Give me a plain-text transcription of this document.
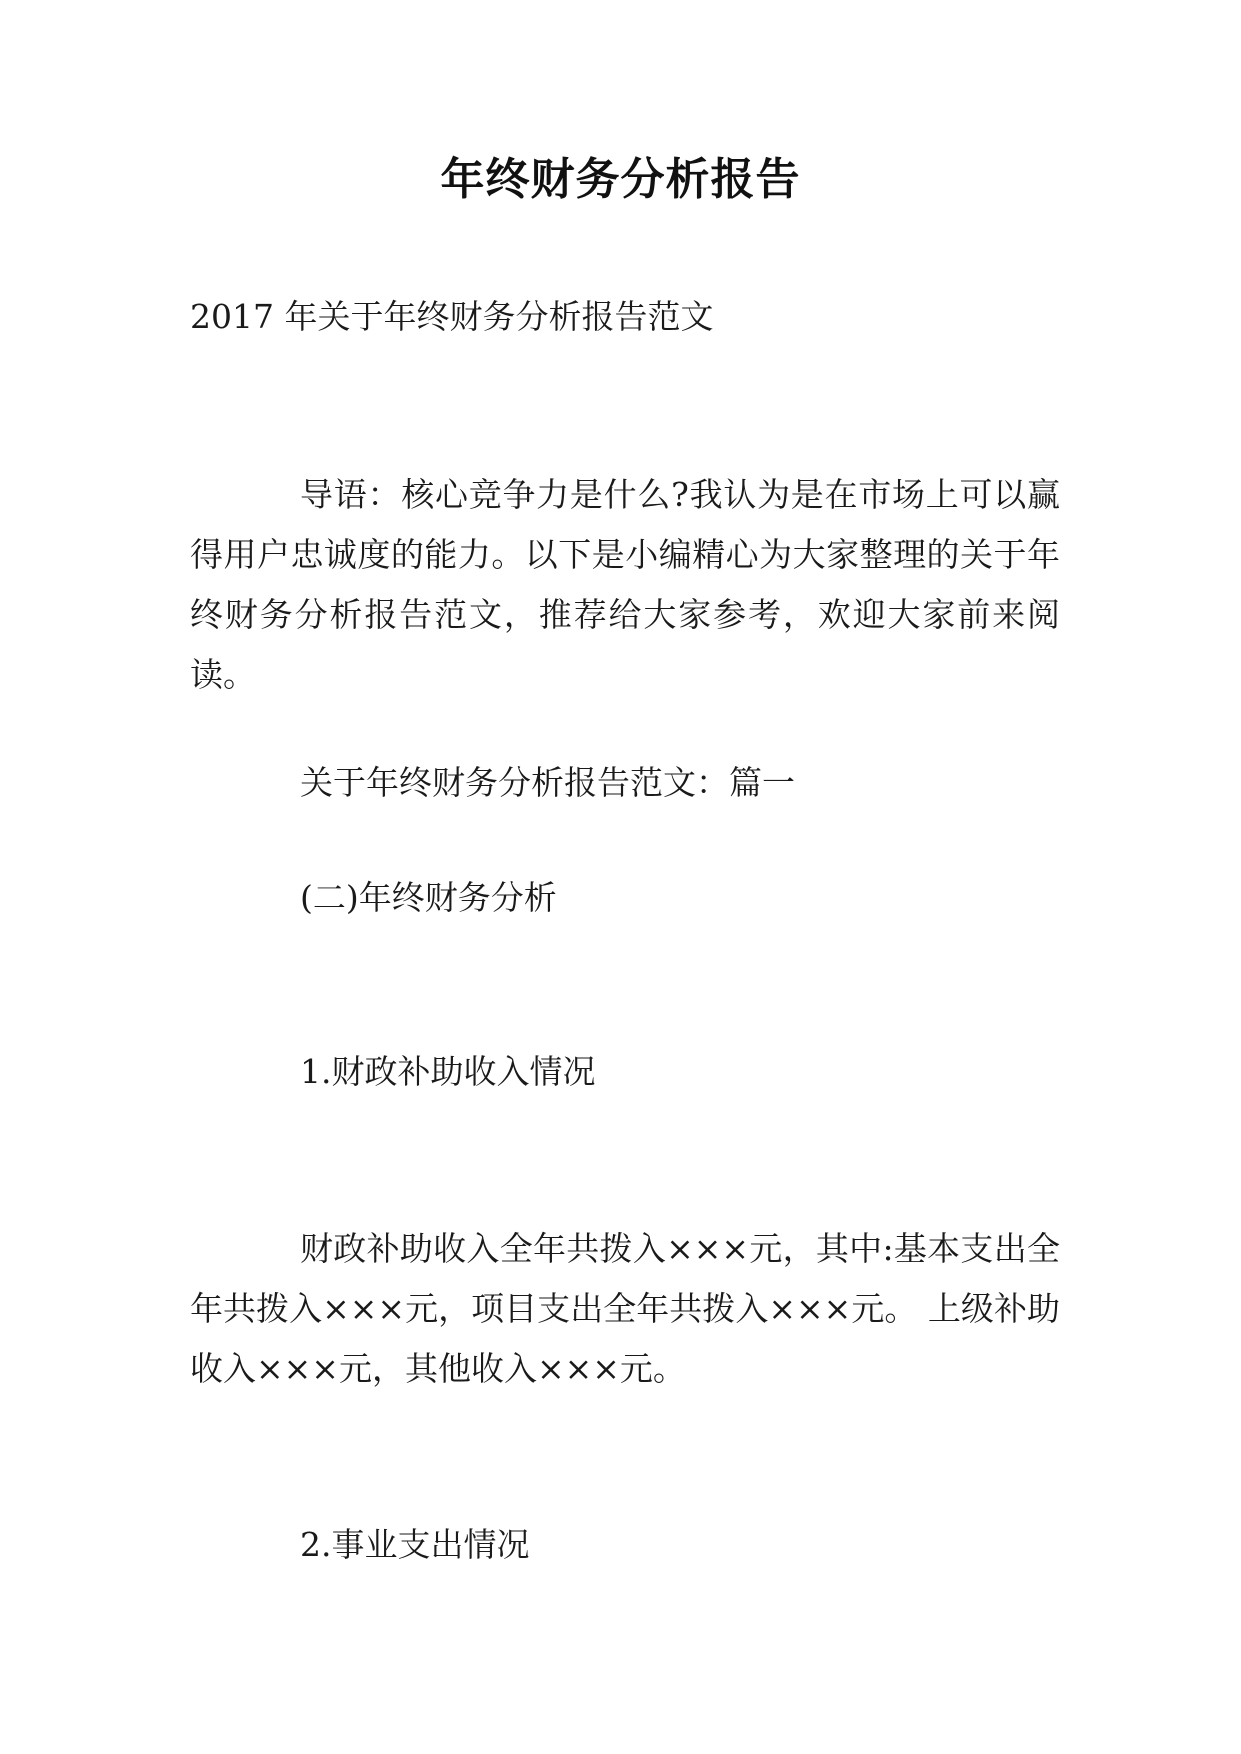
年终财务分析报告

2017 年关于年终财务分析报告范文

导语：核心竞争力是什么?我认为是在市场上可以赢得用户忠诚度的能力。以下是小编精心为大家整理的关于年终财务分析报告范文，推荐给大家参考，欢迎大家前来阅读。

关于年终财务分析报告范文：篇一

(二)年终财务分析

1.财政补助收入情况

财政补助收入全年共拨入×××元，其中:基本支出全年共拨入×××元，项目支出全年共拨入×××元。 上级补助收入×××元，其他收入×××元。

2.事业支出情况
